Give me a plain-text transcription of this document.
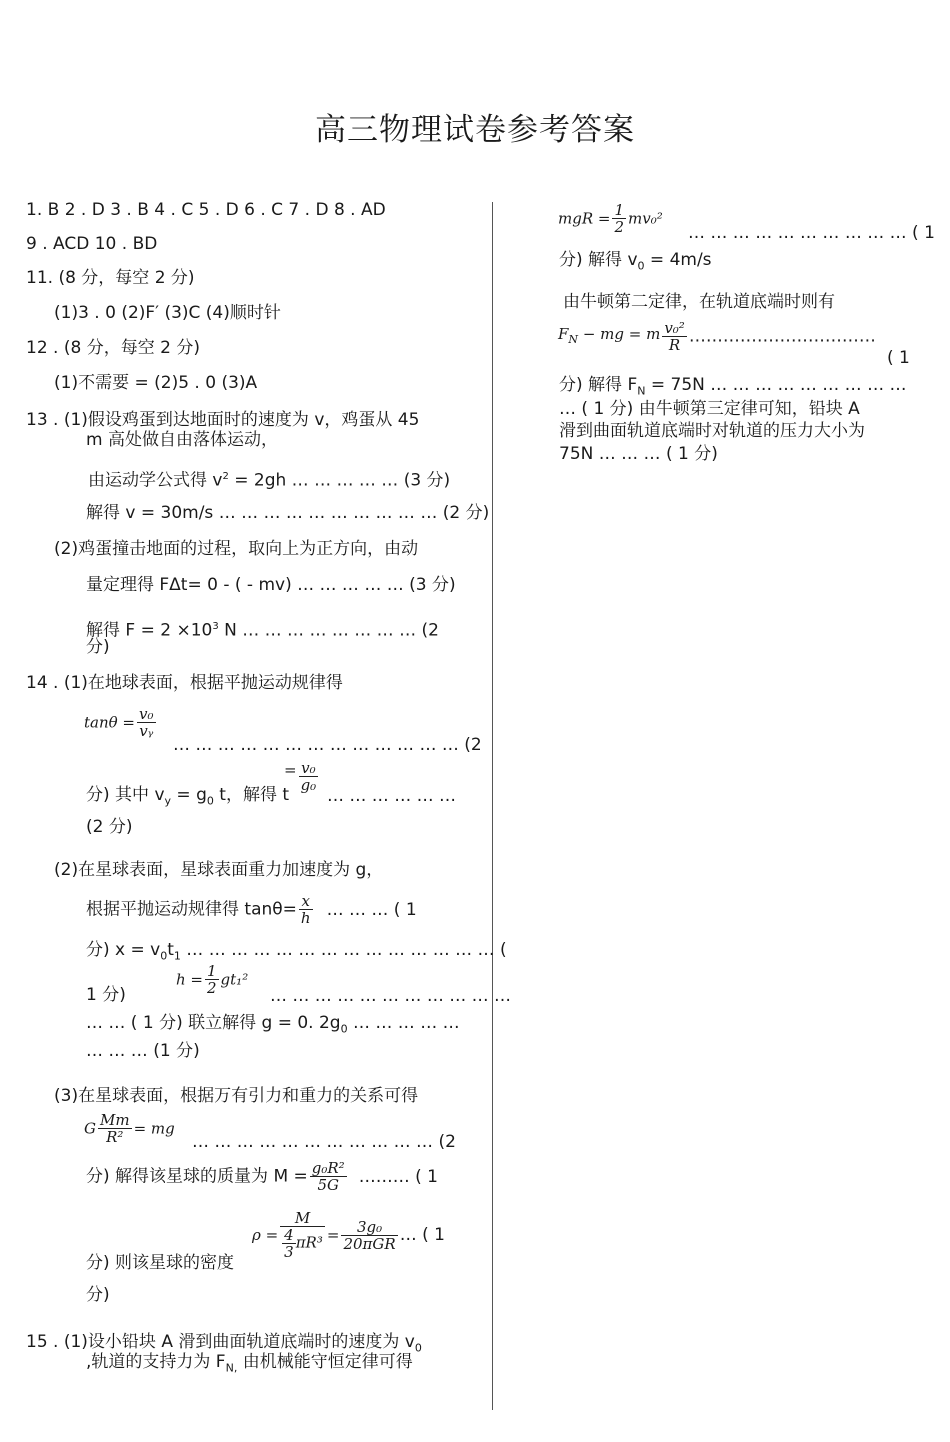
高三物理试卷参考答案
1. B 2 . D 3 . B 4 . C 5 . D 6 . C 7 . D 8 . AD
9 . ACD 10 . BD
11. (8 分，每空 2 分)
(1)3 . 0 (2)F′ (3)C (4)顺时针
12 . (8 分，每空 2 分)
(1)不需要 = (2)5 . 0 (3)A
13 . (1)假设鸡蛋到达地面时的速度为 v，鸡蛋从 45
m 高处做自由落体运动，
由运动学公式得 $v^2 = 2gh$ … … … … … (3 分)
解得 v = 30m/s … … … … … … … … … … (2 分)
(2)鸡蛋撞击地面的过程，取向上为正方向，由动
量定理得 FΔt= 0 - ( - mv) … … … … … (3 分)
解得 $F = 2 \times 10^3$ N … … … … … … … … (2
分)
14 . (1)在地球表面，根据平抛运动规律得
$\tan\theta = \frac{\text{v₀}}{\text{vᵧ}}$
… … … … … … … … … … … … … (2
分) 其中 $v_y = g_0$ t，解得 t
= $\frac{\text{v₀}}{\text{g₀}}$
… … … … … …
(2 分)
(2)在星球表面，星球表面重力加速度为 g，
根据平抛运动规律得 $\tan\theta= \frac{x}{h}$ … … … ( 1
分) $x = v_0t_1$ … … … … … … … … … … … … … … (
1 分)
$h = \frac{1}{2} gt_1^2$
… … … … … … … … … … …
… … ( 1 分) 联立解得 g = 0. $2g_0$ … … … … …
… … … (1 分)
(3)在星球表面，根据万有引力和重力的关系可得
G $\frac{Mm}{\text{R²}}$ = mg
… … … … … … … … … … … (2
分) 解得该星球的质量为 $M = \frac{\text{g₀R²}}{5G}$ ……… ( 1
$\rho = \frac{M}{\frac{4}{3} \pi R^3} = \frac{\text{3g₀}}{\text{20πGR}}$ … ( 1
分) 则该星球的密度
分)
15 . (1)设小铅块 A 滑到曲面轨道底端时的速度为 $v_0$
,轨道的支持力为 $F_{N,}$ 由机械能守恒定律可得
mgR = $\frac{1}{2} mv_0^2$
… … … … … … … … … … ( 1
分) 解得 $v_0 = 4m/s$
由牛顿第二定律，在轨道底端时则有
$F_N$ − mg = m $\frac{\text{v₀²}}{R}$ ……………………………
( 1
分) 解得 $F_N = 75N$ … … … … … … … … …
… ( 1 分) 由牛顿第三定律可知，铅块 A
滑到曲面轨道底端时对轨道的压力大小为
75N … … … ( 1 分)
